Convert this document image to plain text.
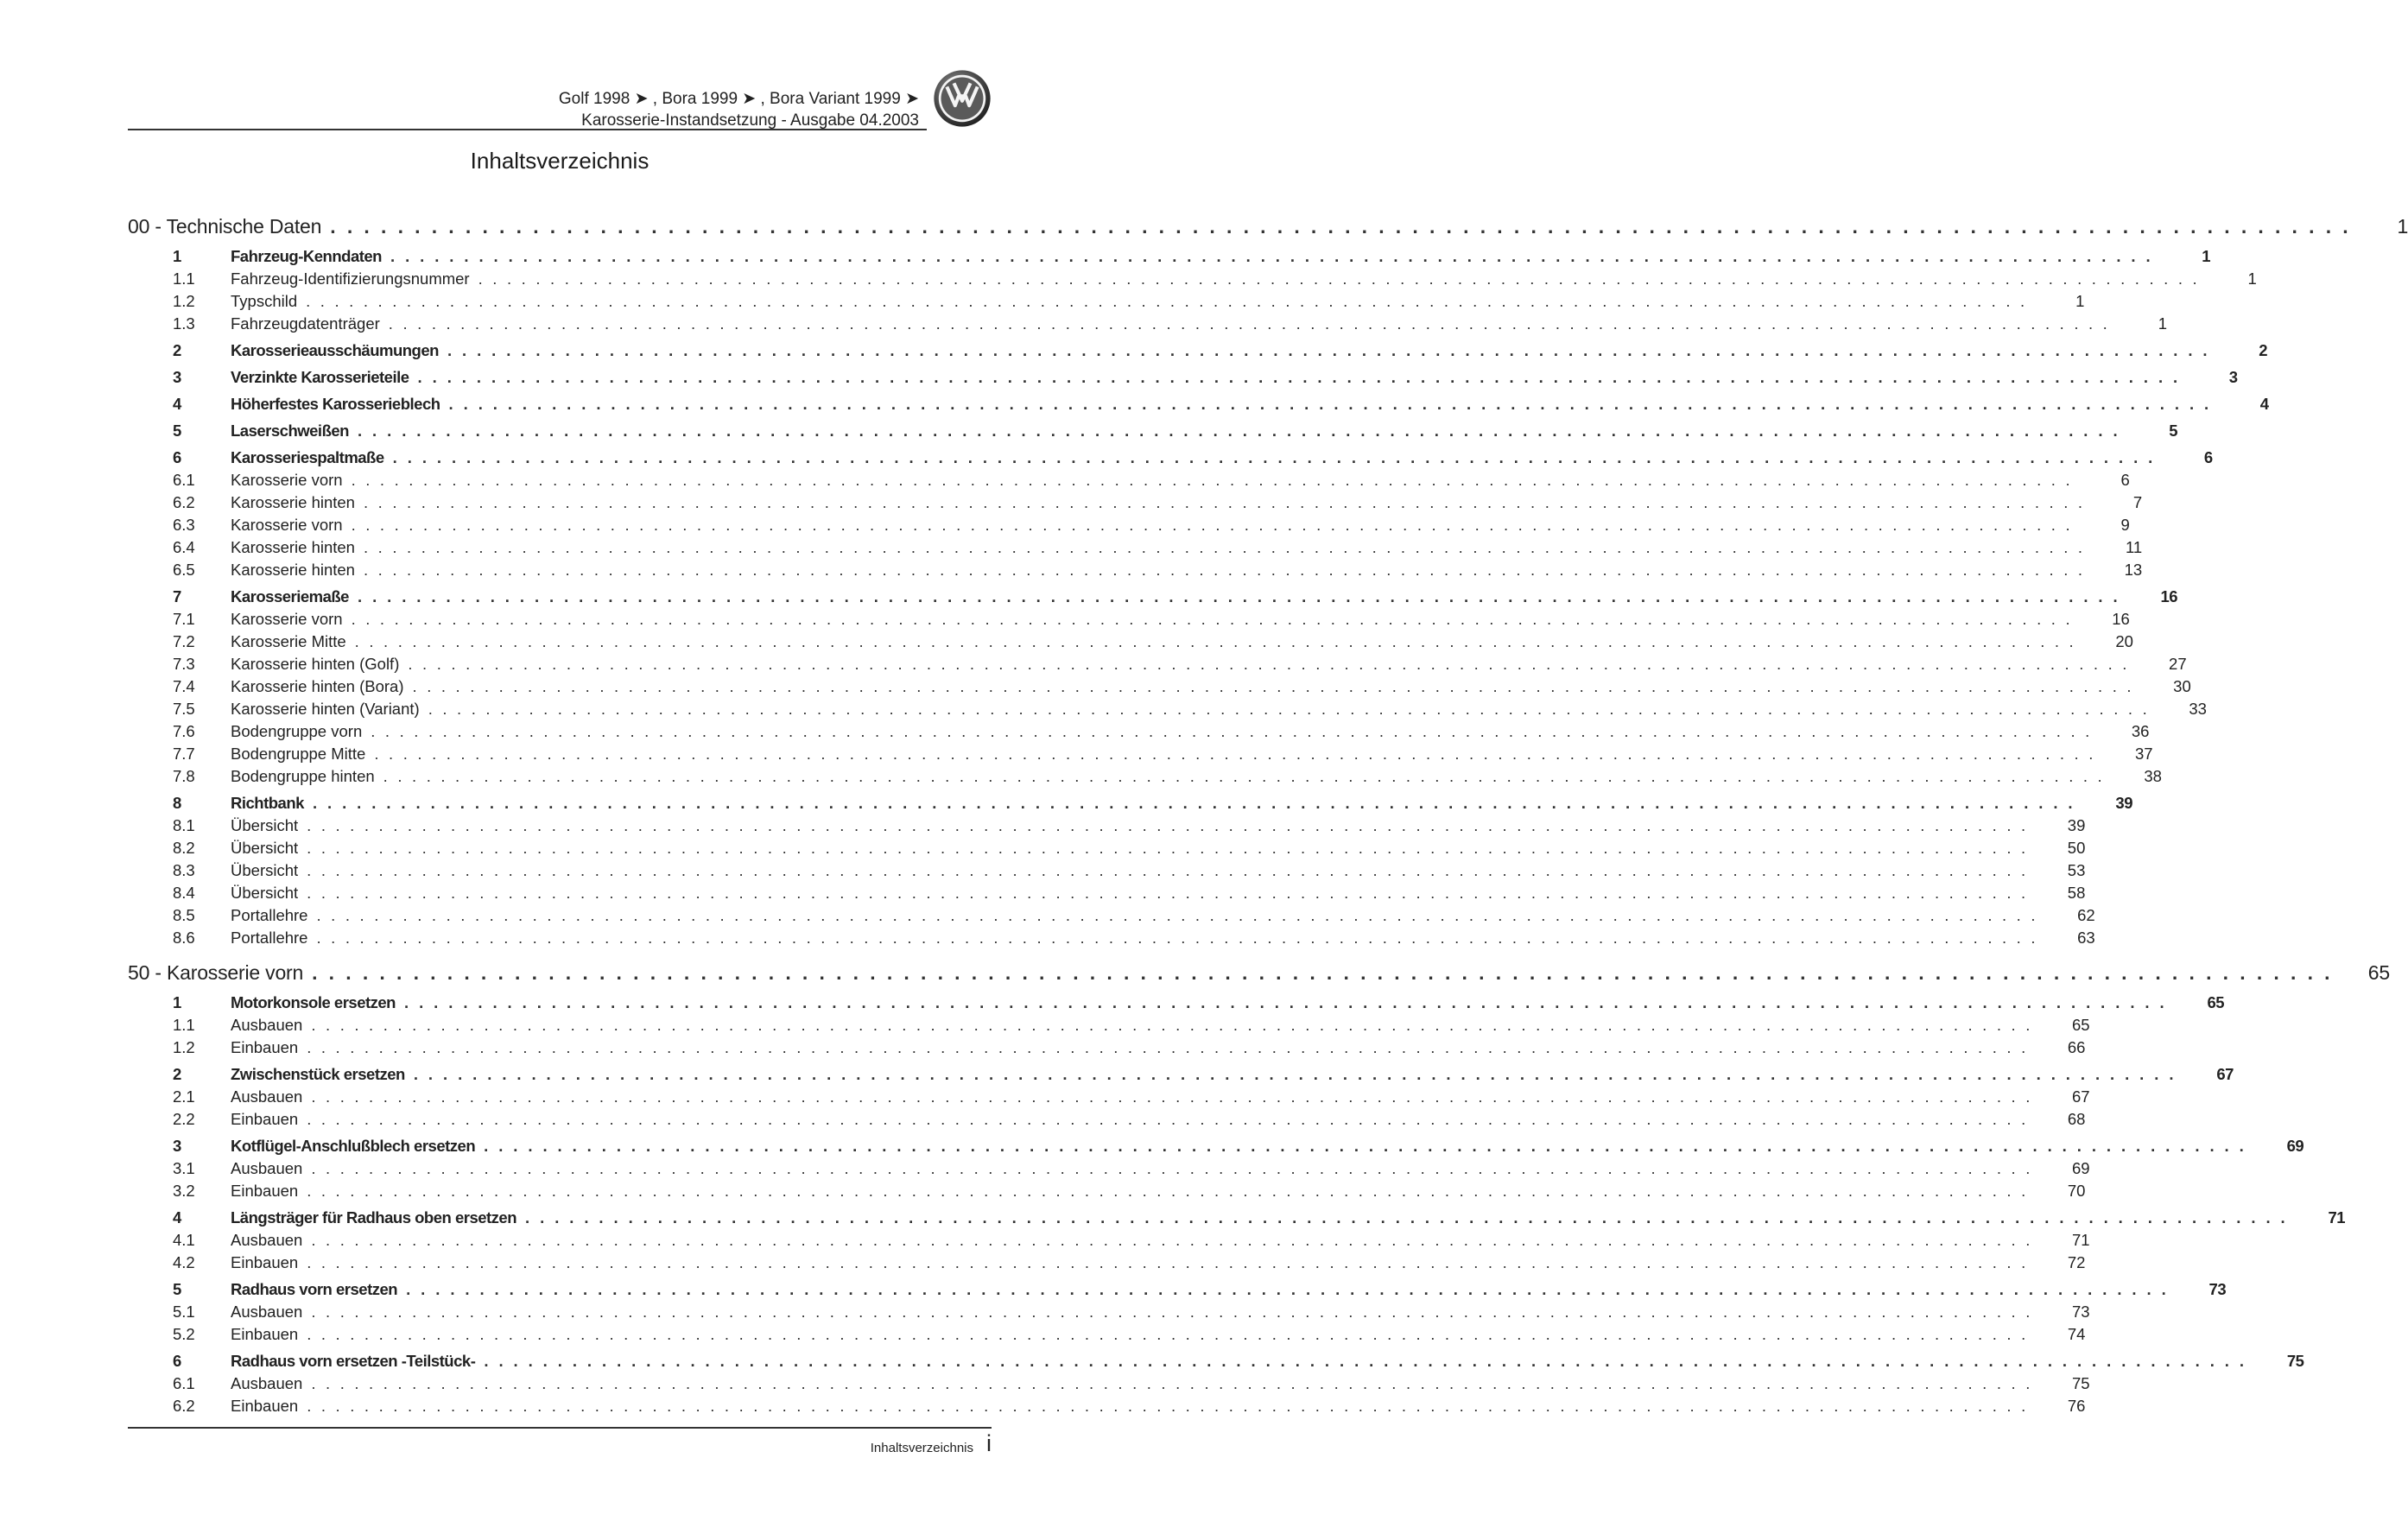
Golf 1998 ➤ , Bora 1999 ➤ , Bora Variant 1999 ➤
Karosserie-Instandsetzung - Ausgabe 04.2003
Inhaltsverzeichnis
00 - Technische Daten . . . . . . . . . . . . . . . . . . . . . . . . . . . . . . . . . . . . . . . . . . . . . . . . . . . . . . . . . . . . . . . . . . . . . . . . . . . . . . . . . . . . . . . . . . . . . . . . . . . . . . . . . . . . . . . . . . . . . . . .	1
1	Fahrzeug-Kenndaten . . . . . . . . . . . . . . . . . . . . . . . . . . . . . . . . . . . . . . . . . . . . . . . . . . . . . . . . . . . . . . . . . . . . . . . . . . . . . . . . . . . . . . . . . . . . . . . . . . . . . . . . . . . . . . . . . . . . . . . .	1
1.1	Fahrzeug-Identifizierungsnummer . . . . . . . . . . . . . . . . . . . . . . . . . . . . . . . . . . . . . . . . . . . . . . . . . . . . . . . . . . . . . . . . . . . . . . . . . . . . . . . . . . . . . . . . . . . . . . . . . . . . . . . . . . . . . . . . . . . . . . . .	1
1.2	Typschild . . . . . . . . . . . . . . . . . . . . . . . . . . . . . . . . . . . . . . . . . . . . . . . . . . . . . . . . . . . . . . . . . . . . . . . . . . . . . . . . . . . . . . . . . . . . . . . . . . . . . . . . . . . . . . . . . . . . . . . .	1
1.3	Fahrzeugdatenträger . . . . . . . . . . . . . . . . . . . . . . . . . . . . . . . . . . . . . . . . . . . . . . . . . . . . . . . . . . . . . . . . . . . . . . . . . . . . . . . . . . . . . . . . . . . . . . . . . . . . . . . . . . . . . . . . . . . . . . . .	1
2	Karosserieausschäumungen . . . . . . . . . . . . . . . . . . . . . . . . . . . . . . . . . . . . . . . . . . . . . . . . . . . . . . . . . . . . . . . . . . . . . . . . . . . . . . . . . . . . . . . . . . . . . . . . . . . . . . . . . . . . . . . . . . . . . . . .	2
3	Verzinkte Karosserieteile . . . . . . . . . . . . . . . . . . . . . . . . . . . . . . . . . . . . . . . . . . . . . . . . . . . . . . . . . . . . . . . . . . . . . . . . . . . . . . . . . . . . . . . . . . . . . . . . . . . . . . . . . . . . . . . . . . . . . . . .	3
4	Höherfestes Karosserieblech . . . . . . . . . . . . . . . . . . . . . . . . . . . . . . . . . . . . . . . . . . . . . . . . . . . . . . . . . . . . . . . . . . . . . . . . . . . . . . . . . . . . . . . . . . . . . . . . . . . . . . . . . . . . . . . . . . . . . . . .	4
5	Laserschweißen . . . . . . . . . . . . . . . . . . . . . . . . . . . . . . . . . . . . . . . . . . . . . . . . . . . . . . . . . . . . . . . . . . . . . . . . . . . . . . . . . . . . . . . . . . . . . . . . . . . . . . . . . . . . . . . . . . . . . . . .	5
6	Karosseriespaltmaße . . . . . . . . . . . . . . . . . . . . . . . . . . . . . . . . . . . . . . . . . . . . . . . . . . . . . . . . . . . . . . . . . . . . . . . . . . . . . . . . . . . . . . . . . . . . . . . . . . . . . . . . . . . . . . . . . . . . . . . .	6
6.1	Karosserie vorn . . . . . . . . . . . . . . . . . . . . . . . . . . . . . . . . . . . . . . . . . . . . . . . . . . . . . . . . . . . . . . . . . . . . . . . . . . . . . . . . . . . . . . . . . . . . . . . . . . . . . . . . . . . . . . . . . . . . . . . .	6
6.2	Karosserie hinten . . . . . . . . . . . . . . . . . . . . . . . . . . . . . . . . . . . . . . . . . . . . . . . . . . . . . . . . . . . . . . . . . . . . . . . . . . . . . . . . . . . . . . . . . . . . . . . . . . . . . . . . . . . . . . . . . . . . . . . .	7
6.3	Karosserie vorn . . . . . . . . . . . . . . . . . . . . . . . . . . . . . . . . . . . . . . . . . . . . . . . . . . . . . . . . . . . . . . . . . . . . . . . . . . . . . . . . . . . . . . . . . . . . . . . . . . . . . . . . . . . . . . . . . . . . . . . .	9
6.4	Karosserie hinten . . . . . . . . . . . . . . . . . . . . . . . . . . . . . . . . . . . . . . . . . . . . . . . . . . . . . . . . . . . . . . . . . . . . . . . . . . . . . . . . . . . . . . . . . . . . . . . . . . . . . . . . . . . . . . . . . . . . . . . .	11
6.5	Karosserie hinten . . . . . . . . . . . . . . . . . . . . . . . . . . . . . . . . . . . . . . . . . . . . . . . . . . . . . . . . . . . . . . . . . . . . . . . . . . . . . . . . . . . . . . . . . . . . . . . . . . . . . . . . . . . . . . . . . . . . . . . .	13
7	Karosseriemaße . . . . . . . . . . . . . . . . . . . . . . . . . . . . . . . . . . . . . . . . . . . . . . . . . . . . . . . . . . . . . . . . . . . . . . . . . . . . . . . . . . . . . . . . . . . . . . . . . . . . . . . . . . . . . . . . . . . . . . . .	16
7.1	Karosserie vorn . . . . . . . . . . . . . . . . . . . . . . . . . . . . . . . . . . . . . . . . . . . . . . . . . . . . . . . . . . . . . . . . . . . . . . . . . . . . . . . . . . . . . . . . . . . . . . . . . . . . . . . . . . . . . . . . . . . . . . . .	16
7.2	Karosserie Mitte . . . . . . . . . . . . . . . . . . . . . . . . . . . . . . . . . . . . . . . . . . . . . . . . . . . . . . . . . . . . . . . . . . . . . . . . . . . . . . . . . . . . . . . . . . . . . . . . . . . . . . . . . . . . . . . . . . . . . . . .	20
7.3	Karosserie hinten (Golf) . . . . . . . . . . . . . . . . . . . . . . . . . . . . . . . . . . . . . . . . . . . . . . . . . . . . . . . . . . . . . . . . . . . . . . . . . . . . . . . . . . . . . . . . . . . . . . . . . . . . . . . . . . . . . . . . . . . . . . . .	27
7.4	Karosserie hinten (Bora) . . . . . . . . . . . . . . . . . . . . . . . . . . . . . . . . . . . . . . . . . . . . . . . . . . . . . . . . . . . . . . . . . . . . . . . . . . . . . . . . . . . . . . . . . . . . . . . . . . . . . . . . . . . . . . . . . . . . . . . .	30
7.5	Karosserie hinten (Variant) . . . . . . . . . . . . . . . . . . . . . . . . . . . . . . . . . . . . . . . . . . . . . . . . . . . . . . . . . . . . . . . . . . . . . . . . . . . . . . . . . . . . . . . . . . . . . . . . . . . . . . . . . . . . . . . . . . . . . . . .	33
7.6	Bodengruppe vorn . . . . . . . . . . . . . . . . . . . . . . . . . . . . . . . . . . . . . . . . . . . . . . . . . . . . . . . . . . . . . . . . . . . . . . . . . . . . . . . . . . . . . . . . . . . . . . . . . . . . . . . . . . . . . . . . . . . . . . . .	36
7.7	Bodengruppe Mitte . . . . . . . . . . . . . . . . . . . . . . . . . . . . . . . . . . . . . . . . . . . . . . . . . . . . . . . . . . . . . . . . . . . . . . . . . . . . . . . . . . . . . . . . . . . . . . . . . . . . . . . . . . . . . . . . . . . . . . . .	37
7.8	Bodengruppe hinten . . . . . . . . . . . . . . . . . . . . . . . . . . . . . . . . . . . . . . . . . . . . . . . . . . . . . . . . . . . . . . . . . . . . . . . . . . . . . . . . . . . . . . . . . . . . . . . . . . . . . . . . . . . . . . . . . . . . . . . .	38
8	Richtbank . . . . . . . . . . . . . . . . . . . . . . . . . . . . . . . . . . . . . . . . . . . . . . . . . . . . . . . . . . . . . . . . . . . . . . . . . . . . . . . . . . . . . . . . . . . . . . . . . . . . . . . . . . . . . . . . . . . . . . . .	39
8.1	Übersicht . . . . . . . . . . . . . . . . . . . . . . . . . . . . . . . . . . . . . . . . . . . . . . . . . . . . . . . . . . . . . . . . . . . . . . . . . . . . . . . . . . . . . . . . . . . . . . . . . . . . . . . . . . . . . . . . . . . . . . . .	39
8.2	Übersicht . . . . . . . . . . . . . . . . . . . . . . . . . . . . . . . . . . . . . . . . . . . . . . . . . . . . . . . . . . . . . . . . . . . . . . . . . . . . . . . . . . . . . . . . . . . . . . . . . . . . . . . . . . . . . . . . . . . . . . . .	50
8.3	Übersicht . . . . . . . . . . . . . . . . . . . . . . . . . . . . . . . . . . . . . . . . . . . . . . . . . . . . . . . . . . . . . . . . . . . . . . . . . . . . . . . . . . . . . . . . . . . . . . . . . . . . . . . . . . . . . . . . . . . . . . . .	53
8.4	Übersicht . . . . . . . . . . . . . . . . . . . . . . . . . . . . . . . . . . . . . . . . . . . . . . . . . . . . . . . . . . . . . . . . . . . . . . . . . . . . . . . . . . . . . . . . . . . . . . . . . . . . . . . . . . . . . . . . . . . . . . . .	58
8.5	Portallehre . . . . . . . . . . . . . . . . . . . . . . . . . . . . . . . . . . . . . . . . . . . . . . . . . . . . . . . . . . . . . . . . . . . . . . . . . . . . . . . . . . . . . . . . . . . . . . . . . . . . . . . . . . . . . . . . . . . . . . . .	62
8.6	Portallehre . . . . . . . . . . . . . . . . . . . . . . . . . . . . . . . . . . . . . . . . . . . . . . . . . . . . . . . . . . . . . . . . . . . . . . . . . . . . . . . . . . . . . . . . . . . . . . . . . . . . . . . . . . . . . . . . . . . . . . . .	63
50 - Karosserie vorn . . . . . . . . . . . . . . . . . . . . . . . . . . . . . . . . . . . . . . . . . . . . . . . . . . . . . . . . . . . . . . . . . . . . . . . . . . . . . . . . . . . . . . . . . . . . . . . . . . . . . . . . . . . . . . . . . . . . . . . .	65
1	Motorkonsole ersetzen . . . . . . . . . . . . . . . . . . . . . . . . . . . . . . . . . . . . . . . . . . . . . . . . . . . . . . . . . . . . . . . . . . . . . . . . . . . . . . . . . . . . . . . . . . . . . . . . . . . . . . . . . . . . . . . . . . . . . . . .	65
1.1	Ausbauen . . . . . . . . . . . . . . . . . . . . . . . . . . . . . . . . . . . . . . . . . . . . . . . . . . . . . . . . . . . . . . . . . . . . . . . . . . . . . . . . . . . . . . . . . . . . . . . . . . . . . . . . . . . . . . . . . . . . . . . .	65
1.2	Einbauen . . . . . . . . . . . . . . . . . . . . . . . . . . . . . . . . . . . . . . . . . . . . . . . . . . . . . . . . . . . . . . . . . . . . . . . . . . . . . . . . . . . . . . . . . . . . . . . . . . . . . . . . . . . . . . . . . . . . . . . .	66
2	Zwischenstück ersetzen . . . . . . . . . . . . . . . . . . . . . . . . . . . . . . . . . . . . . . . . . . . . . . . . . . . . . . . . . . . . . . . . . . . . . . . . . . . . . . . . . . . . . . . . . . . . . . . . . . . . . . . . . . . . . . . . . . . . . . . .	67
2.1	Ausbauen . . . . . . . . . . . . . . . . . . . . . . . . . . . . . . . . . . . . . . . . . . . . . . . . . . . . . . . . . . . . . . . . . . . . . . . . . . . . . . . . . . . . . . . . . . . . . . . . . . . . . . . . . . . . . . . . . . . . . . . .	67
2.2	Einbauen . . . . . . . . . . . . . . . . . . . . . . . . . . . . . . . . . . . . . . . . . . . . . . . . . . . . . . . . . . . . . . . . . . . . . . . . . . . . . . . . . . . . . . . . . . . . . . . . . . . . . . . . . . . . . . . . . . . . . . . .	68
3	Kotflügel-Anschlußblech ersetzen . . . . . . . . . . . . . . . . . . . . . . . . . . . . . . . . . . . . . . . . . . . . . . . . . . . . . . . . . . . . . . . . . . . . . . . . . . . . . . . . . . . . . . . . . . . . . . . . . . . . . . . . . . . . . . . . . . . . . . . .	69
3.1	Ausbauen . . . . . . . . . . . . . . . . . . . . . . . . . . . . . . . . . . . . . . . . . . . . . . . . . . . . . . . . . . . . . . . . . . . . . . . . . . . . . . . . . . . . . . . . . . . . . . . . . . . . . . . . . . . . . . . . . . . . . . . .	69
3.2	Einbauen . . . . . . . . . . . . . . . . . . . . . . . . . . . . . . . . . . . . . . . . . . . . . . . . . . . . . . . . . . . . . . . . . . . . . . . . . . . . . . . . . . . . . . . . . . . . . . . . . . . . . . . . . . . . . . . . . . . . . . . .	70
4	Längsträger für Radhaus oben ersetzen . . . . . . . . . . . . . . . . . . . . . . . . . . . . . . . . . . . . . . . . . . . . . . . . . . . . . . . . . . . . . . . . . . . . . . . . . . . . . . . . . . . . . . . . . . . . . . . . . . . . . . . . . . . . . . . . . . . . . . . .	71
4.1	Ausbauen . . . . . . . . . . . . . . . . . . . . . . . . . . . . . . . . . . . . . . . . . . . . . . . . . . . . . . . . . . . . . . . . . . . . . . . . . . . . . . . . . . . . . . . . . . . . . . . . . . . . . . . . . . . . . . . . . . . . . . . .	71
4.2	Einbauen . . . . . . . . . . . . . . . . . . . . . . . . . . . . . . . . . . . . . . . . . . . . . . . . . . . . . . . . . . . . . . . . . . . . . . . . . . . . . . . . . . . . . . . . . . . . . . . . . . . . . . . . . . . . . . . . . . . . . . . .	72
5	Radhaus vorn ersetzen . . . . . . . . . . . . . . . . . . . . . . . . . . . . . . . . . . . . . . . . . . . . . . . . . . . . . . . . . . . . . . . . . . . . . . . . . . . . . . . . . . . . . . . . . . . . . . . . . . . . . . . . . . . . . . . . . . . . . . . .	73
5.1	Ausbauen . . . . . . . . . . . . . . . . . . . . . . . . . . . . . . . . . . . . . . . . . . . . . . . . . . . . . . . . . . . . . . . . . . . . . . . . . . . . . . . . . . . . . . . . . . . . . . . . . . . . . . . . . . . . . . . . . . . . . . . .	73
5.2	Einbauen . . . . . . . . . . . . . . . . . . . . . . . . . . . . . . . . . . . . . . . . . . . . . . . . . . . . . . . . . . . . . . . . . . . . . . . . . . . . . . . . . . . . . . . . . . . . . . . . . . . . . . . . . . . . . . . . . . . . . . . .	74
6	Radhaus vorn ersetzen -Teilstück- . . . . . . . . . . . . . . . . . . . . . . . . . . . . . . . . . . . . . . . . . . . . . . . . . . . . . . . . . . . . . . . . . . . . . . . . . . . . . . . . . . . . . . . . . . . . . . . . . . . . . . . . . . . . . . . . . . . . . . . .	75
6.1	Ausbauen . . . . . . . . . . . . . . . . . . . . . . . . . . . . . . . . . . . . . . . . . . . . . . . . . . . . . . . . . . . . . . . . . . . . . . . . . . . . . . . . . . . . . . . . . . . . . . . . . . . . . . . . . . . . . . . . . . . . . . . .	75
6.2	Einbauen . . . . . . . . . . . . . . . . . . . . . . . . . . . . . . . . . . . . . . . . . . . . . . . . . . . . . . . . . . . . . . . . . . . . . . . . . . . . . . . . . . . . . . . . . . . . . . . . . . . . . . . . . . . . . . . . . . . . . . . .	76
Inhaltsverzeichnis i
